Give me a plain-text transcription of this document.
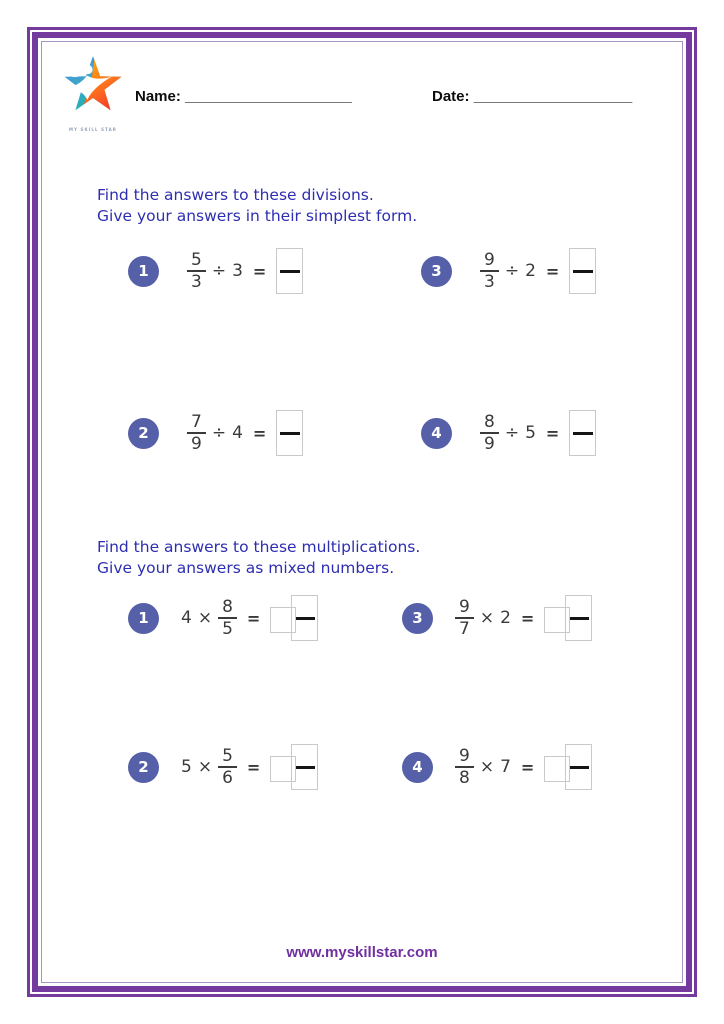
MY SKILL STAR
Name: ____________________	Date: ___________________
Find the answers to these divisions.
Give your answers in their simplest form.
1	$\frac{5}{3} \div 3$ =	3	$\frac{9}{3} \div 2$ =
2	$\frac{7}{9} \div 4$ =	4	$\frac{8}{9} \div 5$ =
Find the answers to these multiplications.
Give your answers as mixed numbers.
1	$4 \times \frac{8}{5}$ =	3	$\frac{9}{7} \times 2$ =
2	$5 \times \frac{5}{6}$ =	4	$\frac{9}{8} \times 7$ =
www.myskillstar.com
